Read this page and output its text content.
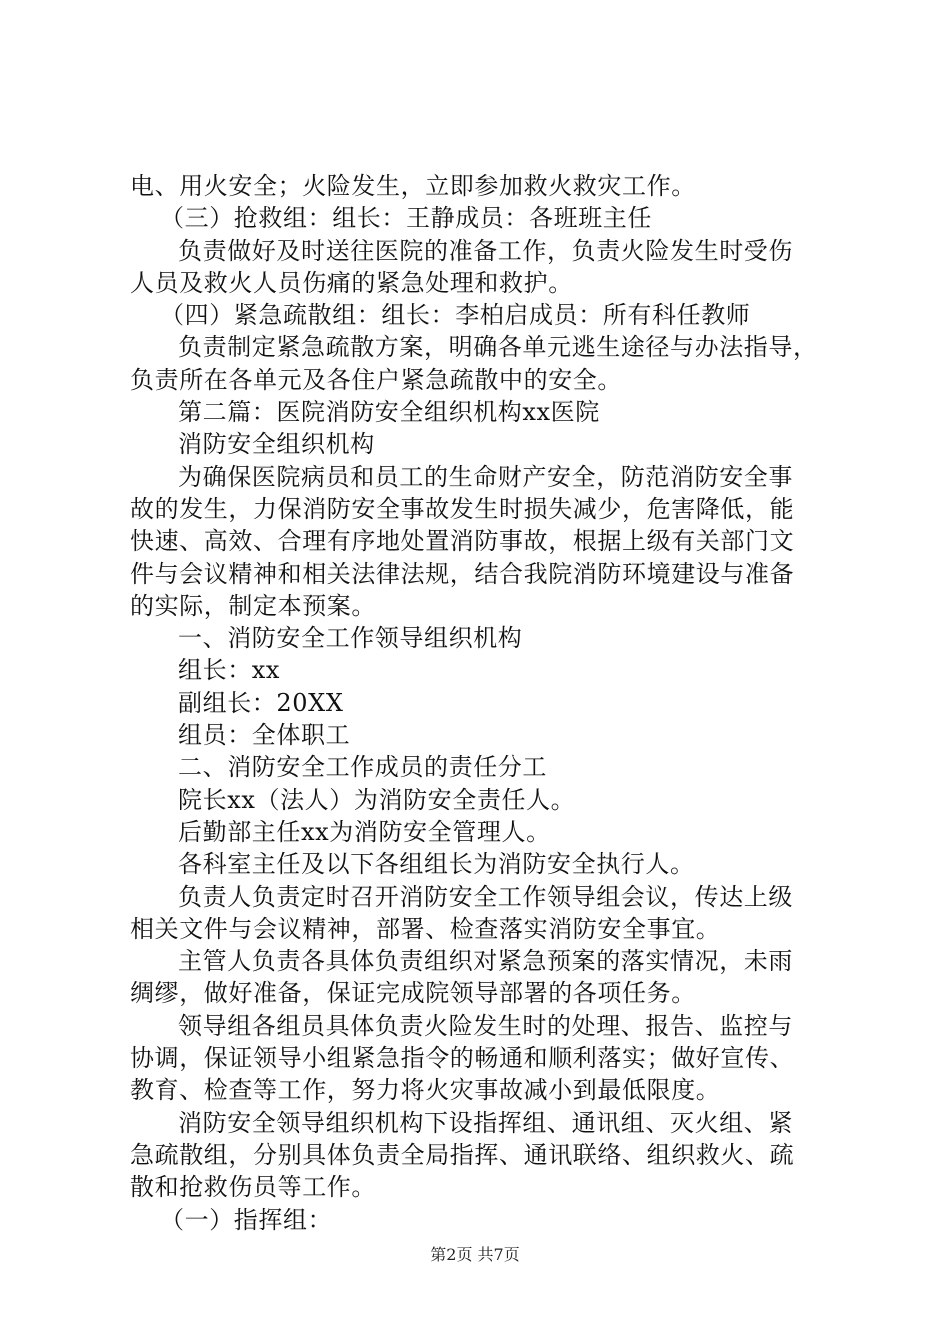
电、用火安全；火险发生，立即参加救火救灾工作。
（三）抢救组：组长：王静成员：各班班主任
负责做好及时送往医院的准备工作，负责火险发生时受伤
人员及救火人员伤痛的紧急处理和救护。
（四）紧急疏散组：组长：李柏启成员：所有科任教师
负责制定紧急疏散方案，明确各单元逃生途径与办法指导，
负责所在各单元及各住户紧急疏散中的安全。
第二篇：医院消防安全组织机构xx医院
消防安全组织机构
为确保医院病员和员工的生命财产安全，防范消防安全事
故的发生，力保消防安全事故发生时损失减少，危害降低，能
快速、高效、合理有序地处置消防事故，根据上级有关部门文
件与会议精神和相关法律法规，结合我院消防环境建设与准备
的实际，制定本预案。
一、消防安全工作领导组织机构
组长：xx
副组长：20XX
组员：全体职工
二、消防安全工作成员的责任分工
院长xx（法人）为消防安全责任人。
后勤部主任xx为消防安全管理人。
各科室主任及以下各组组长为消防安全执行人。
负责人负责定时召开消防安全工作领导组会议，传达上级
相关文件与会议精神，部署、检查落实消防安全事宜。
主管人负责各具体负责组织对紧急预案的落实情况，未雨
绸缪，做好准备，保证完成院领导部署的各项任务。
领导组各组员具体负责火险发生时的处理、报告、监控与
协调，保证领导小组紧急指令的畅通和顺利落实；做好宣传、
教育、检查等工作，努力将火灾事故减小到最低限度。
消防安全领导组织机构下设指挥组、通讯组、灭火组、紧
急疏散组，分别具体负责全局指挥、通讯联络、组织救火、疏
散和抢救伤员等工作。
（一）指挥组：
第2页 共7页
